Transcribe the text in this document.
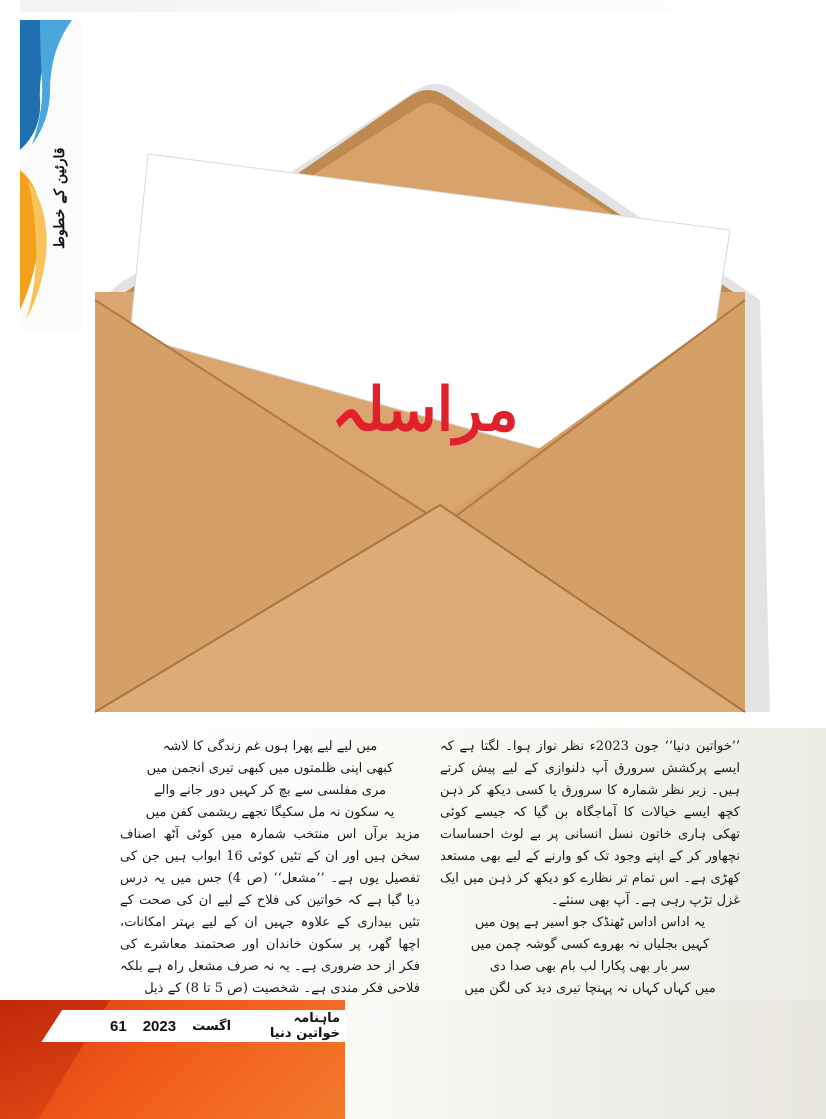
قارئین کے خطوط
مراسلہ

’’خواتین دنیا‘‘ جون 2023ء نظر نواز ہوا۔ لگتا ہے کہ ایسے پرکشش سرورق آپ دلنوازی کے لیے پیش کرتے ہیں۔ زیر نظر شمارہ کا سرورق یا کسی دیکھ کر ذہن کچھ ایسے خیالات کا آماجگاہ بن گیا کہ جیسے کوئی تھکی ہاری خاتون نسل انسانی پر بے لوث احساسات نچھاور کر کے اپنے وجود تک کو وارنے کے لیے بھی مستعد کھڑی ہے۔ اس تمام تر نظارے کو دیکھ کر ذہن میں ایک غزل تڑپ رہی ہے۔ آپ بھی سنئے۔

یہ اداس اداس ٹھنڈک جو اسیر ہے پون میں
کہیں بجلیاں نہ بھروے کسی گوشہ چمن میں
سر بار بھی پکارا لب بام بھی صدا دی
میں کہاں کہاں نہ پہنچا تیری دید کی لگن میں
میں لیے لیے پھرا ہوں غم زندگی کا لاشہ
کبھی اپنی ظلمتوں میں کبھی تیری انجمن میں
مری مفلسی سے بچ کر کہیں دور جانے والے
یہ سکون نہ مل سکیگا تجھے ریشمی کفن میں

مزید برآں اس منتخب شمارہ میں کوئی آٹھ اصناف سخن ہیں اور ان کے تئیں کوئی 16 ابواب ہیں جن کی تفصیل یوں ہے۔ ’’مشعل‘‘ (ص 4) جس میں یہ درس دیا گیا ہے کہ خواتین کی فلاح کے لیے ان کی صحت کے تئیں بیداری کے علاوہ جہیں ان کے لیے بہتر امکانات، اچھا گھر، پر سکون خاندان اور صحتمند معاشرے کی فکر از حد ضروری ہے۔ یہ نہ صرف مشعل راہ ہے بلکہ فلاحی فکر مندی ہے۔ شخصیت (ص 5 تا 8) کے ذیل

ماہنامہ خواتین دنیا
اگست
2023
61
